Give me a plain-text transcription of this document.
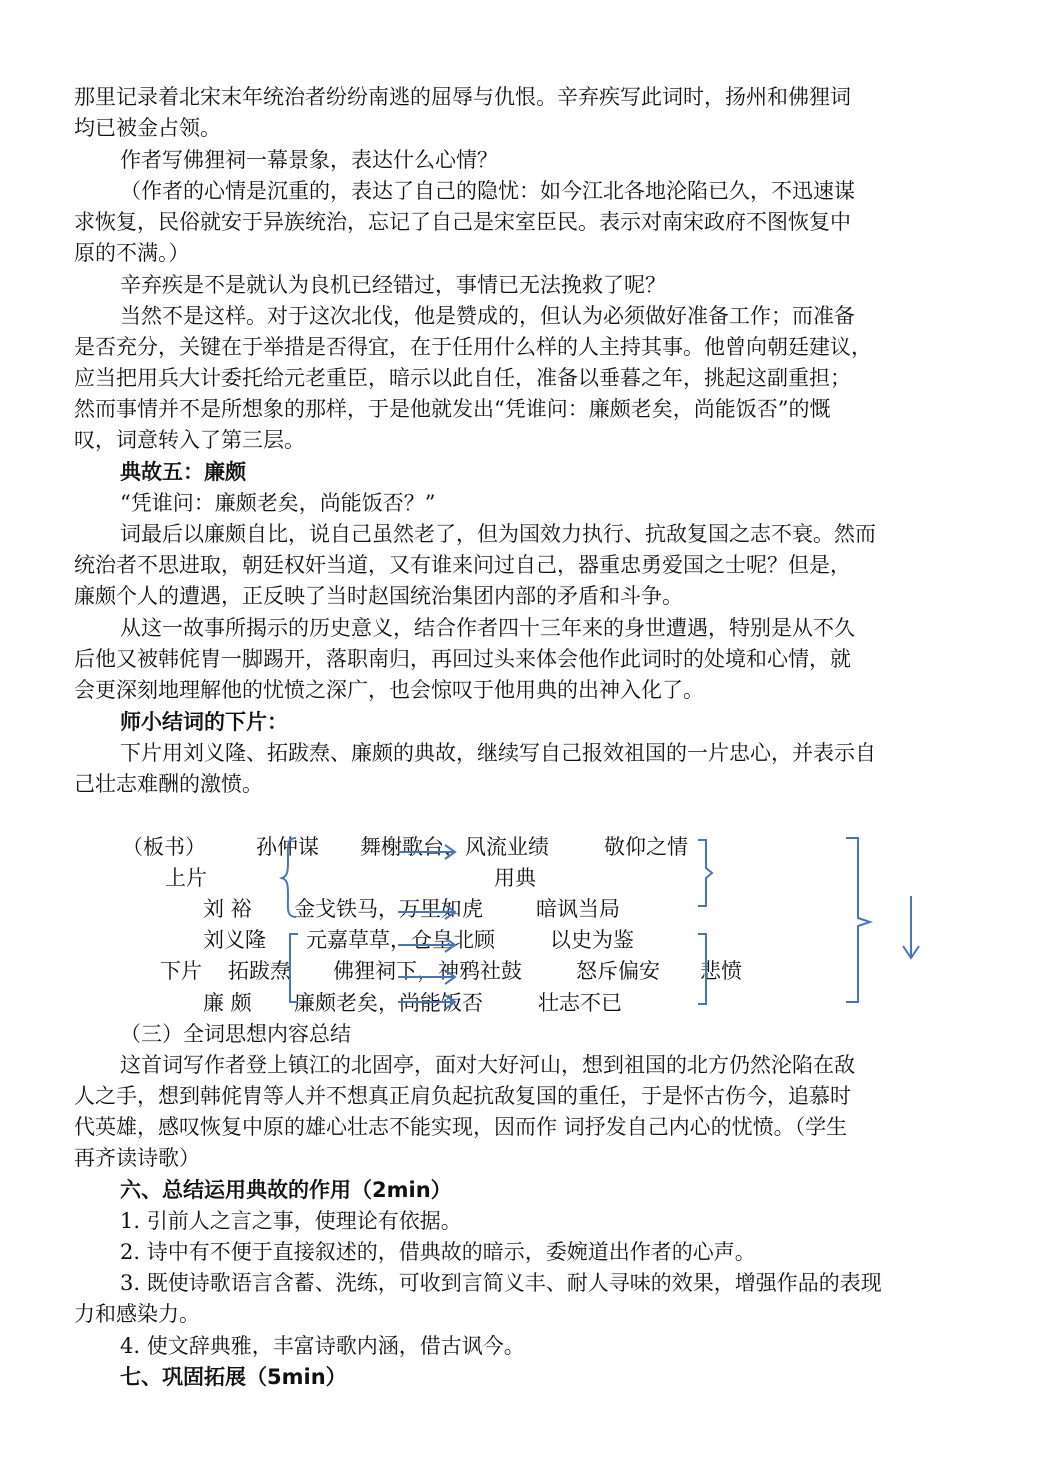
那里记录着北宋末年统治者纷纷南逃的屈辱与仇恨。辛弃疾写此词时，扬州和佛狸词
均已被金占领。
作者写佛狸祠一幕景象，表达什么心情？
（作者的心情是沉重的，表达了自己的隐忧：如今江北各地沦陷已久，不迅速谋
求恢复，民俗就安于异族统治，忘记了自己是宋室臣民。表示对南宋政府不图恢复中
原的不满。）
辛弃疾是不是就认为良机已经错过，事情已无法挽救了呢？
当然不是这样。对于这次北伐，他是赞成的，但认为必须做好准备工作；而准备
是否充分，关键在于举措是否得宜，在于任用什么样的人主持其事。他曾向朝廷建议，
应当把用兵大计委托给元老重臣，暗示以此自任，准备以垂暮之年，挑起这副重担；
然而事情并不是所想象的那样，于是他就发出“凭谁问：廉颇老矣，尚能饭否”的慨
叹，词意转入了第三层。
典故五：廉颇
“凭谁问：廉颇老矣，尚能饭否？”
词最后以廉颇自比，说自己虽然老了，但为国效力执行、抗敌复国之志不衰。然而
统治者不思进取，朝廷权奸当道，又有谁来问过自己，器重忠勇爱国之士呢？但是，
廉颇个人的遭遇，正反映了当时赵国统治集团内部的矛盾和斗争。
从这一故事所揭示的历史意义，结合作者四十三年来的身世遭遇，特别是从不久
后他又被韩侂胄一脚踢开，落职南归，再回过头来体会他作此词时的处境和心情，就
会更深刻地理解他的忧愤之深广，也会惊叹于他用典的出神入化了。
师小结词的下片：
下片用刘义隆、拓跋焘、廉颇的典故，继续写自己报效祖国的一片忠心，并表示自
己壮志难酬的激愤。
（板书） 孙仲谋 舞榭歌台，风流业绩	敬仰之情
上片	用典
刘 裕 金戈铁马，万里如虎	暗讽当局
刘义隆 元嘉草草，仓皇北顾	以史为鉴
下片 拓跋焘 佛狸祠下，神鸦社鼓	怒斥偏安 悲愤
廉 颇 廉颇老矣，尚能饭否	壮志不已
（三）全词思想内容总结
这首词写作者登上镇江的北固亭，面对大好河山，想到祖国的北方仍然沦陷在敌
人之手，想到韩侂胄等人并不想真正肩负起抗敌复国的重任，于是怀古伤今，追慕时
代英雄，感叹恢复中原的雄心壮志不能实现，因而作 词抒发自己内心的忧愤。（学生
再齐读诗歌）
六、总结运用典故的作用（2min）
1. 引前人之言之事，使理论有依据。
2. 诗中有不便于直接叙述的，借典故的暗示，委婉道出作者的心声。
3. 既使诗歌语言含蓄、洗练，可收到言简义丰、耐人寻味的效果，增强作品的表现
力和感染力。
4. 使文辞典雅，丰富诗歌内涵，借古讽今。
七、巩固拓展（5min）
